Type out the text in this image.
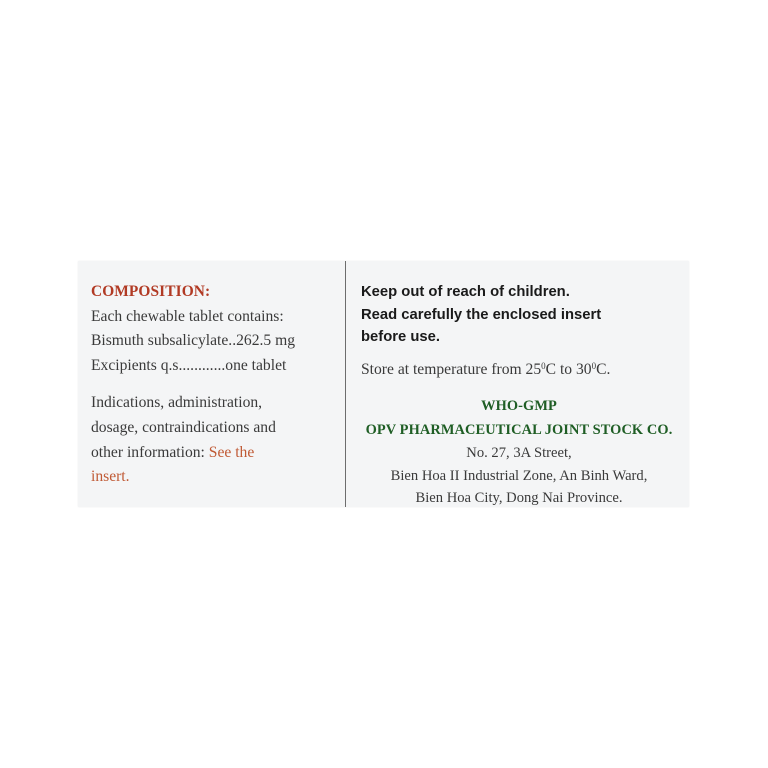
COMPOSITION:
Each chewable tablet contains:
Bismuth subsalicylate..262.5 mg
Excipients q.s............one tablet
Indications, administration,
dosage, contraindications and
other information: See the
insert.
Keep out of reach of children.
Read carefully the enclosed insert
before use.
Store at temperature from $25^0C$ to $30^0C$.
WHO-GMP
OPV PHARMACEUTICAL JOINT STOCK CO.
No. 27, 3A Street,
Bien Hoa II Industrial Zone, An Binh Ward,
Bien Hoa City, Dong Nai Province.
